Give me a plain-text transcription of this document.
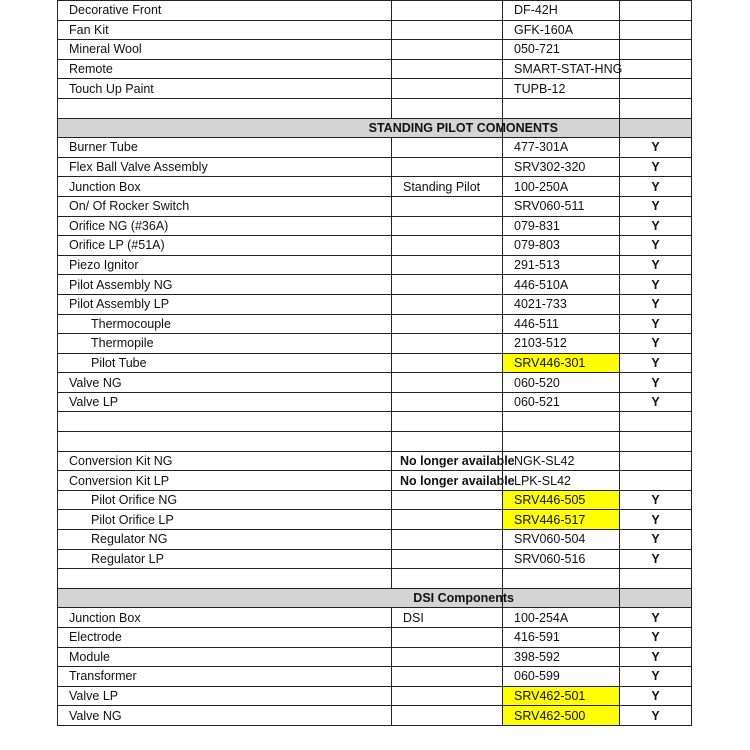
Decorative Front		DF-42H	
Fan Kit		GFK-160A	
Mineral Wool		050-721	
Remote		SMART-STAT-HNG	
Touch Up Paint		TUPB-12	

STANDING PILOT COMONENTS			
Burner Tube		477-301A	Y
Flex Ball Valve Assembly		SRV302-320	Y
Junction Box	Standing Pilot	100-250A	Y
On/ Of Rocker Switch		SRV060-511	Y
Orifice NG (#36A)		079-831	Y
Orifice LP (#51A)		079-803	Y
Piezo Ignitor		291-513	Y
Pilot Assembly NG		446-510A	Y
Pilot Assembly LP		4021-733	Y
Thermocouple		446-511	Y
Thermopile		2103-512	Y
Pilot Tube		SRV446-301	Y
Valve NG		060-520	Y
Valve LP		060-521	Y

Conversion Kit NG	No longer available	NGK-SL42	
Conversion Kit LP	No longer available	LPK-SL42	
Pilot Orifice NG		SRV446-505	Y
Pilot Orifice LP		SRV446-517	Y
Regulator NG		SRV060-504	Y
Regulator LP		SRV060-516	Y

DSI Components			
Junction Box	DSI	100-254A	Y
Electrode		416-591	Y
Module		398-592	Y
Transformer		060-599	Y
Valve LP		SRV462-501	Y
Valve NG		SRV462-500	Y
